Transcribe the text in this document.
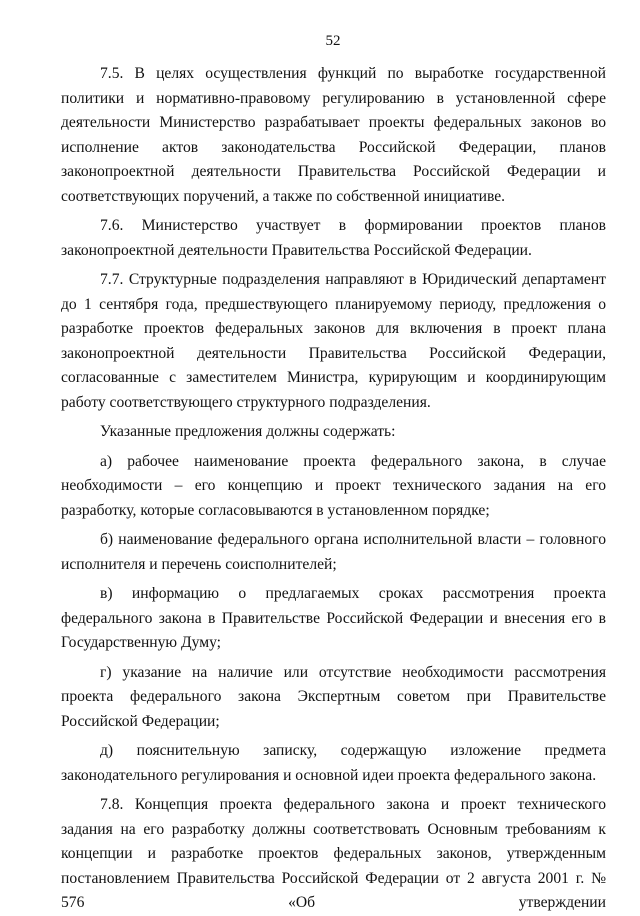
52

7.5. В целях осуществления функций по выработке государственной политики и нормативно-правовому регулированию в установленной сфере деятельности Министерство разрабатывает проекты федеральных законов во исполнение актов законодательства Российской Федерации, планов законопроектной деятельности Правительства Российской Федерации и соответствующих поручений, а также по собственной инициативе.

7.6. Министерство участвует в формировании проектов планов законопроектной деятельности Правительства Российской Федерации.

7.7. Структурные подразделения направляют в Юридический департамент до 1 сентября года, предшествующего планируемому периоду, предложения о разработке проектов федеральных законов для включения в проект плана законопроектной деятельности Правительства Российской Федерации, согласованные с заместителем Министра, курирующим и координирующим работу соответствующего структурного подразделения.

Указанные предложения должны содержать:

а) рабочее наименование проекта федерального закона, в случае необходимости – его концепцию и проект технического задания на его разработку, которые согласовываются в установленном порядке;

б) наименование федерального органа исполнительной власти – головного исполнителя и перечень соисполнителей;

в) информацию о предлагаемых сроках рассмотрения проекта федерального закона в Правительстве Российской Федерации и внесения его в Государственную Думу;

г) указание на наличие или отсутствие необходимости рассмотрения проекта федерального закона Экспертным советом при Правительстве Российской Федерации;

д) пояснительную записку, содержащую изложение предмета законодательного регулирования и основной идеи проекта федерального закона.

7.8. Концепция проекта федерального закона и проект технического задания на его разработку должны соответствовать Основным требованиям к концепции и разработке проектов федеральных законов, утвержденным постановлением Правительства Российской Федерации от 2 августа 2001 г. № 576 «Об утверждении
